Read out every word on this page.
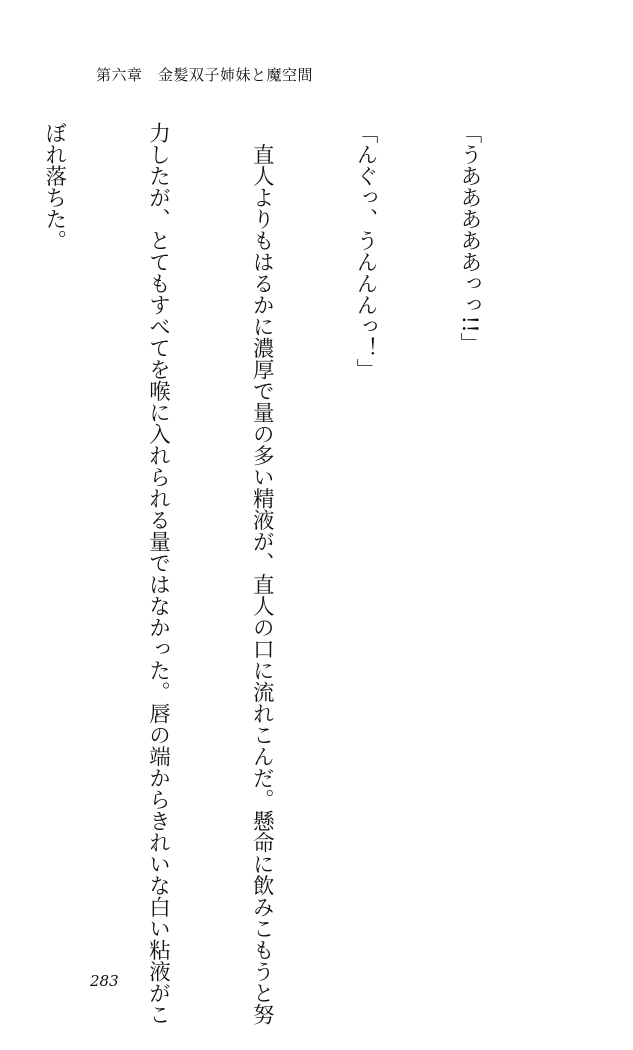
第六章　金髪双子姉妹と魔空間

「うあああああっっ!!」

「んぐっ、うんんんっ！」

　直人よりもはるかに濃厚で量の多い精液が、直人の口に流れこんだ。懸命に飲みこもうと努

力したが、とてもすべてを喉に入れられる量ではなかった。唇の端からきれいな白い粘液がこ

ぼれ落ちた。

283
